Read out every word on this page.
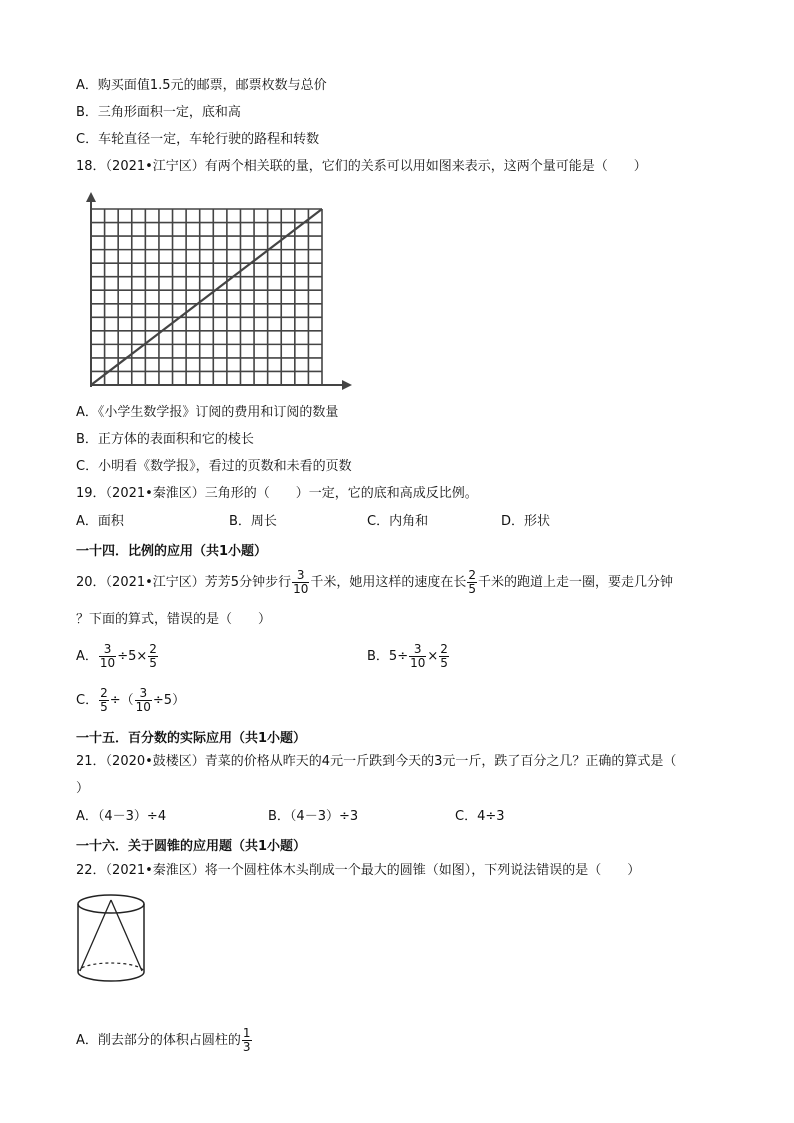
A．购买面值1.5元的邮票，邮票枚数与总价
B．三角形面积一定，底和高
C．车轮直径一定，车轮行驶的路程和转数
18．（2021•江宁区）有两个相关联的量，它们的关系可以用如图来表示，这两个量可能是（　　）
A．《小学生数学报》订阅的费用和订阅的数量
B．正方体的表面积和它的棱长
C．小明看《数学报》，看过的页数和未看的页数
19．（2021•秦淮区）三角形的（　　）一定，它的底和高成反比例。
A．面积	B．周长	C．内角和	D．形状
一十四．比例的应用（共1小题）
20．（2021•江宁区）芳芳5分钟步行 $\frac{3}{10}$ 千米，她用这样的速度在长 $\frac{2}{5}$ 千米的跑道上走一圈，要走几分钟
？下面的算式，错误的是（　　）
A． $\frac{3}{10} \div 5\times \frac{2}{5}$	B．$5\div \frac{3}{10} \times \frac{2}{5}$
C． $\frac{2}{5}$ ÷（ $\frac{3}{10} \div 5$）
一十五．百分数的实际应用（共1小题）
21．（2020•鼓楼区）青菜的价格从昨天的4元一斤跌到今天的3元一斤，跌了百分之几？正确的算式是（
）
A．（4－3）÷4	B．（4－3）÷3	C．4÷3
一十六．关于圆锥的应用题（共1小题）
22．（2021•秦淮区）将一个圆柱体木头削成一个最大的圆锥（如图），下列说法错误的是（　　）
A．削去部分的体积占圆柱的 $\frac{1}{3}$
